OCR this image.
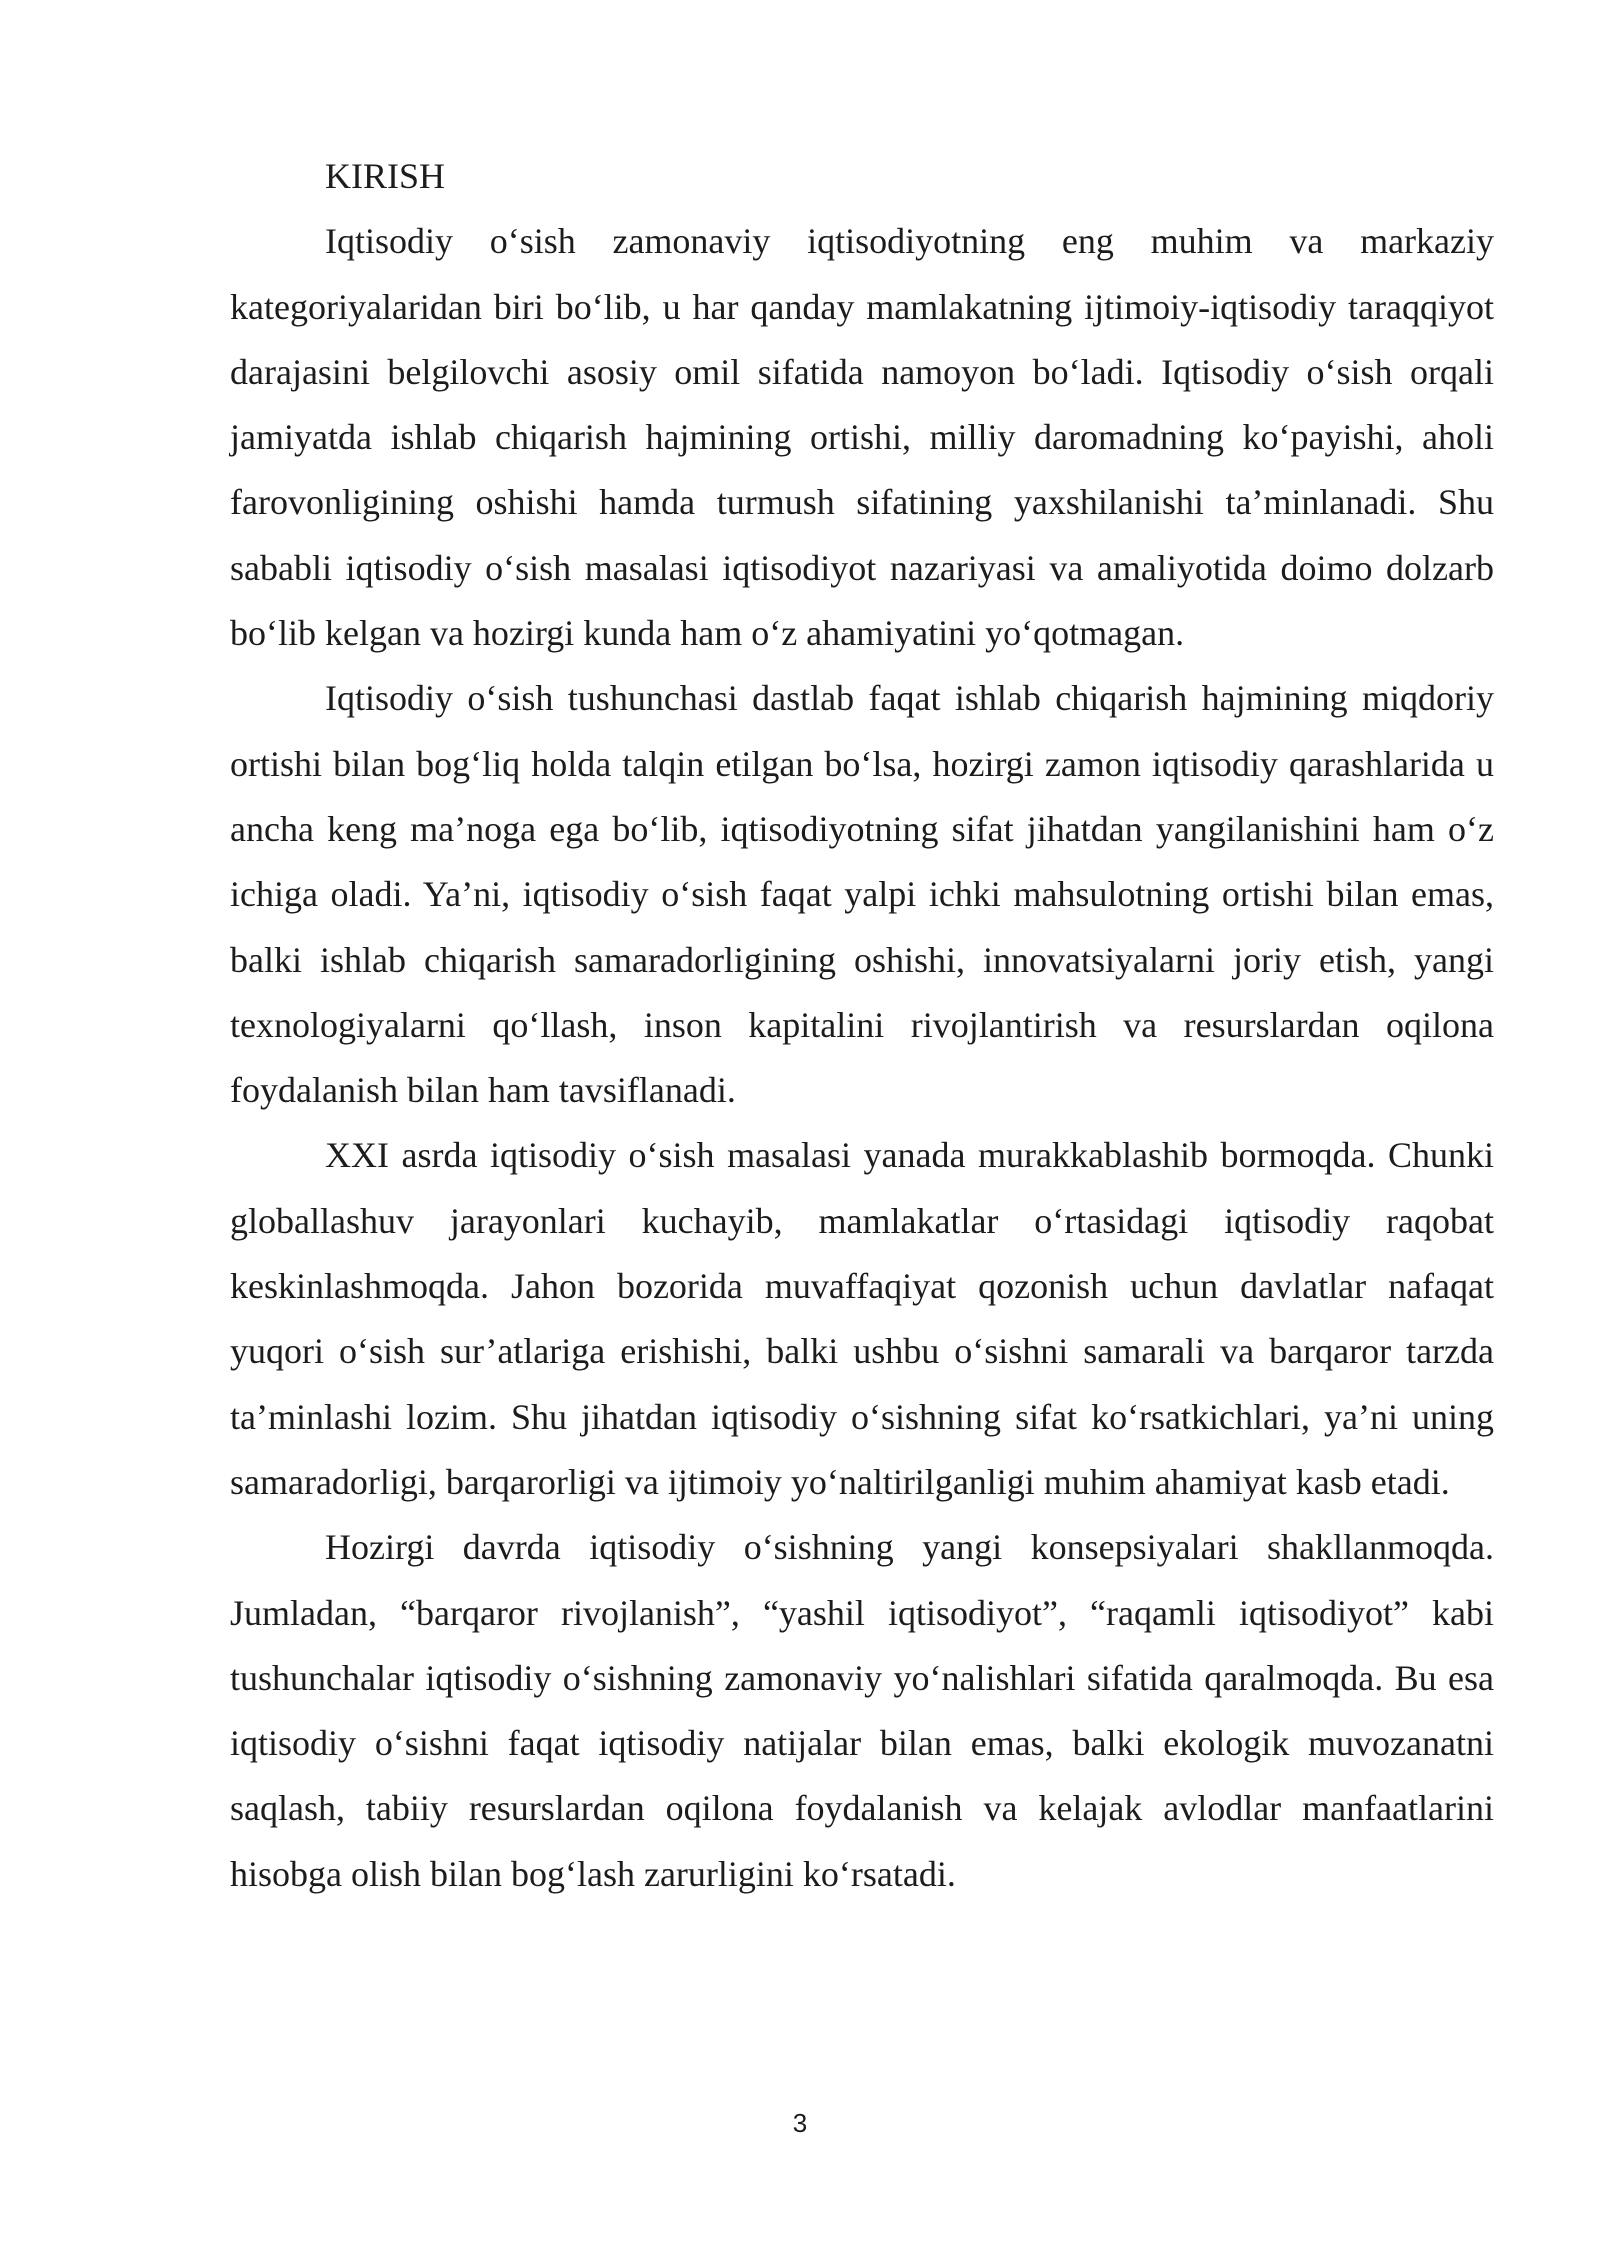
KIRISH

Iqtisodiy o‘sish zamonaviy iqtisodiyotning eng muhim va markaziy kategoriyalaridan biri bo‘lib, u har qanday mamlakatning ijtimoiy-iqtisodiy taraqqiyot darajasini belgilovchi asosiy omil sifatida namoyon bo‘ladi. Iqtisodiy o‘sish orqali jamiyatda ishlab chiqarish hajmining ortishi, milliy daromadning ko‘payishi, aholi farovonligining oshishi hamda turmush sifatining yaxshilanishi ta’minlanadi. Shu sababli iqtisodiy o‘sish masalasi iqtisodiyot nazariyasi va amaliyotida doimo dolzarb bo‘lib kelgan va hozirgi kunda ham o‘z ahamiyatini yo‘qotmagan.

Iqtisodiy o‘sish tushunchasi dastlab faqat ishlab chiqarish hajmining miqdoriy ortishi bilan bog‘liq holda talqin etilgan bo‘lsa, hozirgi zamon iqtisodiy qarashlarida u ancha keng ma’noga ega bo‘lib, iqtisodiyotning sifat jihatdan yangilanishini ham o‘z ichiga oladi. Ya’ni, iqtisodiy o‘sish faqat yalpi ichki mahsulotning ortishi bilan emas, balki ishlab chiqarish samaradorligining oshishi, innovatsiyalarni joriy etish, yangi texnologiyalarni qo‘llash, inson kapitalini rivojlantirish va resurslardan oqilona foydalanish bilan ham tavsiflanadi.

XXI asrda iqtisodiy o‘sish masalasi yanada murakkablashib bormoqda. Chunki globallashuv jarayonlari kuchayib, mamlakatlar o‘rtasidagi iqtisodiy raqobat keskinlashmoqda. Jahon bozorida muvaffaqiyat qozonish uchun davlatlar nafaqat yuqori o‘sish sur’atlariga erishishi, balki ushbu o‘sishni samarali va barqaror tarzda ta’minlashi lozim. Shu jihatdan iqtisodiy o‘sishning sifat ko‘rsatkichlari, ya’ni uning samaradorligi, barqarorligi va ijtimoiy yo‘naltirilganligi muhim ahamiyat kasb etadi.

Hozirgi davrda iqtisodiy o‘sishning yangi konsepsiyalari shakllanmoqda. Jumladan, “barqaror rivojlanish”, “yashil iqtisodiyot”, “raqamli iqtisodiyot” kabi tushunchalar iqtisodiy o‘sishning zamonaviy yo‘nalishlari sifatida qaralmoqda. Bu esa iqtisodiy o‘sishni faqat iqtisodiy natijalar bilan emas, balki ekologik muvozanatni saqlash, tabiiy resurslardan oqilona foydalanish va kelajak avlodlar manfaatlarini hisobga olish bilan bog‘lash zarurligini ko‘rsatadi.

3
